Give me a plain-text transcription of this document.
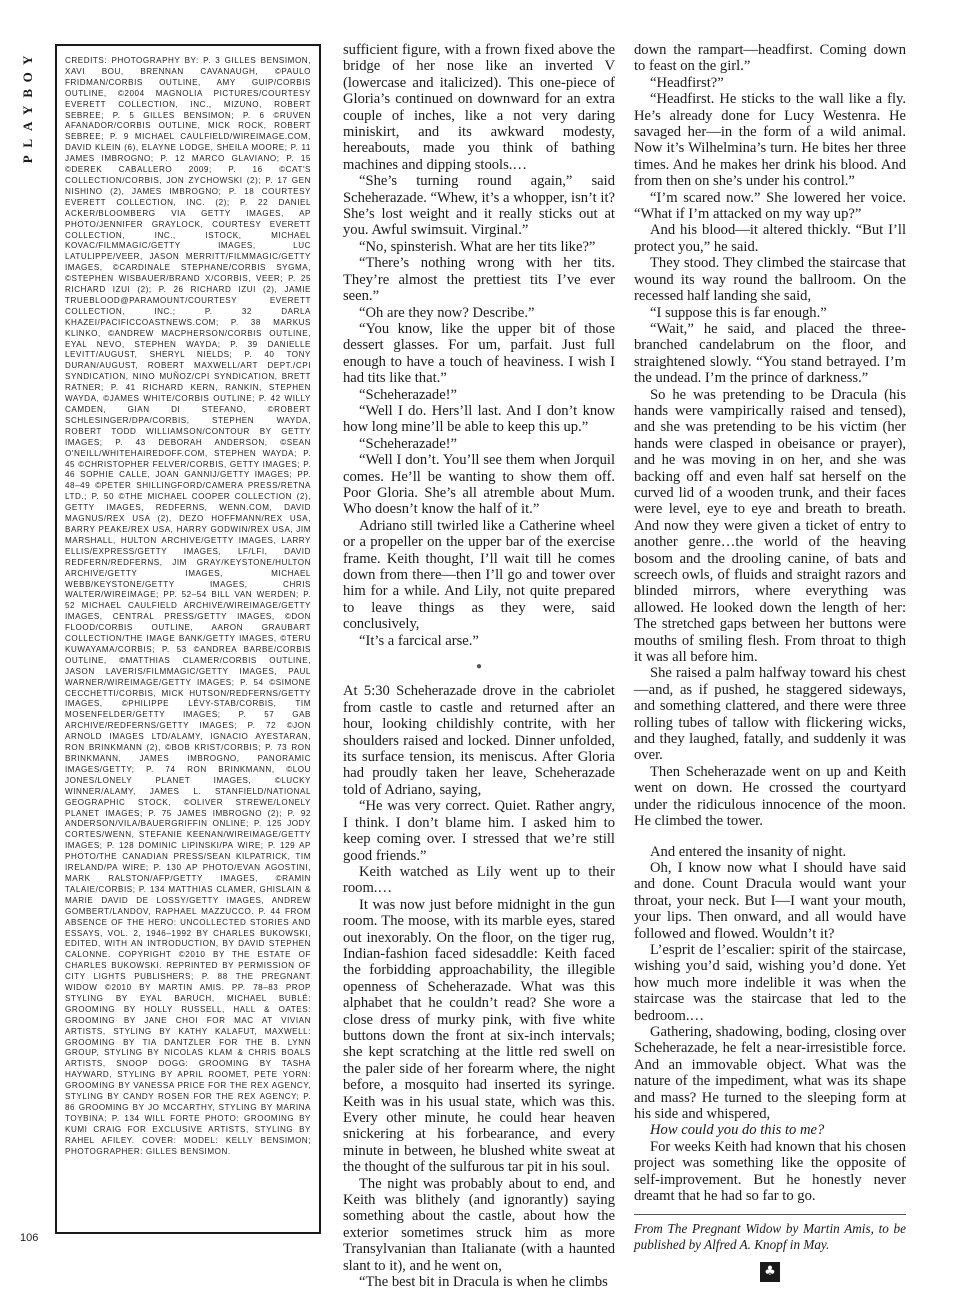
Y
O
B
Y
A
L
P

CREDITS: PHOTOGRAPHY BY: P. 3 GILLES BENSIMON, XAVI BOU, BRENNAN CAVANAUGH, ©PAULO FRIDMAN/CORBIS OUTLINE, AMY GUIP/CORBIS OUTLINE, ©2004 MAGNOLIA PICTURES/COURTESY EVERETT COLLECTION, INC., MIZUNO, ROBERT SEBREE; P. 5 GILLES BENSIMON; P. 6 ©RUVEN AFANADOR/CORBIS OUTLINE, MICK ROCK, ROBERT SEBREE; P. 9 MICHAEL CAULFIELD/WIREIMAGE.COM, DAVID KLEIN (6), ELAYNE LODGE, SHEILA MOORE; P. 11 JAMES IMBROGNO; P. 12 MARCO GLAVIANO; P. 15 ©DEREK CABALLERO 2009; P. 16 ©CAT'S COLLECTION/CORBIS, JON ZYCHOWSKI (2); P. 17 GEN NISHINO (2), JAMES IMBROGNO; P. 18 COURTESY EVERETT COLLECTION, INC. (2); P. 22 DANIEL ACKER/BLOOMBERG VIA GETTY IMAGES, AP PHOTO/JENNIFER GRAYLOCK, COURTESY EVERETT COLLECTION, INC., ISTOCK, MICHAEL KOVAC/FILMMAGIC/GETTY IMAGES, LUC LATULIPPE/VEER, JASON MERRITT/FILMMAGIC/GETTY IMAGES, ©CARDINALE STEPHANE/CORBIS SYGMA, ©STEPHEN WISBAUER/BRAND X/CORBIS, VEER; P. 25 RICHARD IZUI (2); P. 26 RICHARD IZUI (2), JAMIE TRUEBLOOD@PARAMOUNT/COURTESY EVERETT COLLECTION, INC.; P. 32 DARLA KHAZEI/PACIFICCOASTNEWS.COM; P. 38 MARKUS KLINKO, ©ANDREW MACPHERSON/CORBIS OUTLINE, EYAL NEVO, STEPHEN WAYDA; P. 39 DANIELLE LEVITT/AUGUST, SHERYL NIELDS; P. 40 TONY DURAN/AUGUST, ROBERT MAXWELL/ART DEPT./CPI SYNDICATION, NINO MUÑOZ/CPI SYNDICATION, BRETT RATNER; P. 41 RICHARD KERN, RANKIN, STEPHEN WAYDA, ©JAMES WHITE/CORBIS OUTLINE; P. 42 WILLY CAMDEN, GIAN DI STEFANO, ©ROBERT SCHLESINGER/DPA/CORBIS, STEPHEN WAYDA, ROBERT TODD WILLIAMSON/CONTOUR BY GETTY IMAGES; P. 43 DEBORAH ANDERSON, ©SEAN O'NEILL/WHITEHAIREDOFF.COM, STEPHEN WAYDA; P. 45 ©CHRISTOPHER FELVER/CORBIS, GETTY IMAGES; P. 46 SOPHIE CALLE, JOAN GANNIJ/GETTY IMAGES; PP. 48–49 ©PETER SHILLINGFORD/CAMERA PRESS/RETNA LTD.; P. 50 ©THE MICHAEL COOPER COLLECTION (2), GETTY IMAGES, REDFERNS, WENN.COM, DAVID MAGNUS/REX USA (2), DEZO HOFFMANN/REX USA, BARRY PEAKE/REX USA, HARRY GODWIN/REX USA, JIM MARSHALL, HULTON ARCHIVE/GETTY IMAGES, LARRY ELLIS/EXPRESS/GETTY IMAGES, LF/LFI, DAVID REDFERN/REDFERNS, JIM GRAY/KEYSTONE/HULTON ARCHIVE/GETTY IMAGES, MICHAEL WEBB/KEYSTONE/GETTY IMAGES, CHRIS WALTER/WIREIMAGE; PP. 52–54 BILL VAN WERDEN; P. 52 MICHAEL CAULFIELD ARCHIVE/WIREIMAGE/GETTY IMAGES, CENTRAL PRESS/GETTY IMAGES, ©DON FLOOD/CORBIS OUTLINE, AARON GRAUBART COLLECTION/THE IMAGE BANK/GETTY IMAGES, ©TERU KUWAYAMA/CORBIS; P. 53 ©ANDREA BARBE/CORBIS OUTLINE, ©MATTHIAS CLAMER/CORBIS OUTLINE, JASON LAVERIS/FILMMAGIC/GETTY IMAGES, PAUL WARNER/WIREIMAGE/GETTY IMAGES; P. 54 ©SIMONE CECCHETTI/CORBIS, MICK HUTSON/REDFERNS/GETTY IMAGES, ©PHILIPPE LÉVY-STAB/CORBIS, TIM MOSENFELDER/GETTY IMAGES; P. 57 GAB ARCHIVE/REDFERNS/GETTY IMAGES; P. 72 ©JON ARNOLD IMAGES LTD/ALAMY, IGNACIO AYESTARAN, RON BRINKMANN (2), ©BOB KRIST/CORBIS; P. 73 RON BRINKMANN, JAMES IMBROGNO, PANORAMIC IMAGES/GETTY; P. 74 RON BRINKMANN, ©LOU JONES/LONELY PLANET IMAGES, ©LUCKY WINNER/ALAMY, JAMES L. STANFIELD/NATIONAL GEOGRAPHIC STOCK, ©OLIVER STREWE/LONELY PLANET IMAGES; P. 75 JAMES IMBROGNO (2); P. 92 ANDERSON/VILA/BAUERGRIFFIN ONLINE; P. 125 JODY CORTES/WENN, STEFANIE KEENAN/WIREIMAGE/GETTY IMAGES; P. 128 DOMINIC LIPINSKI/PA WIRE; P. 129 AP PHOTO/THE CANADIAN PRESS/SEAN KILPATRICK, TIM IRELAND/PA WIRE; P. 130 AP PHOTO/EVAN AGOSTINI, MARK RALSTON/AFP/GETTY IMAGES, ©RAMIN TALAIE/CORBIS; P. 134 MATTHIAS CLAMER, GHISLAIN & MARIE DAVID DE LOSSY/GETTY IMAGES, ANDREW GOMBERT/LANDOV, RAPHAEL MAZZUCCO. P. 44 FROM ABSENCE OF THE HERO: UNCOLLECTED STORIES AND ESSAYS, VOL. 2, 1946–1992 BY CHARLES BUKOWSKI, EDITED, WITH AN INTRODUCTION, BY DAVID STEPHEN CALONNE. COPYRIGHT ©2010 BY THE ESTATE OF CHARLES BUKOWSKI. REPRINTED BY PERMISSION OF CITY LIGHTS PUBLISHERS; P. 88 THE PREGNANT WIDOW ©2010 BY MARTIN AMIS. PP. 78–83 PROP STYLING BY EYAL BARUCH, MICHAEL BUBLÉ: GROOMING BY HOLLY RUSSELL, HALL & OATES: GROOMING BY JANE CHOI FOR MAC AT VIVIAN ARTISTS, STYLING BY KATHY KALAFUT, MAXWELL: GROOMING BY TIA DANTZLER FOR THE B. LYNN GROUP, STYLING BY NICOLAS KLAM & CHRIS BOALS ARTISTS, SNOOP DOGG: GROOMING BY TASHA HAYWARD, STYLING BY APRIL ROOMET, PETE YORN: GROOMING BY VANESSA PRICE FOR THE REX AGENCY, STYLING BY CANDY ROSEN FOR THE REX AGENCY; P. 86 GROOMING BY JO MCCARTHY, STYLING BY MARINA TOYBINA; P. 134 WILL FORTE PHOTO: GROOMING BY KUMI CRAIG FOR EXCLUSIVE ARTISTS, STYLING BY RAHEL AFILEY. COVER: MODEL: KELLY BENSIMON; PHOTOGRAPHER: GILLES BENSIMON.

106

sufficient figure, with a frown fixed above the bridge of her nose like an inverted V (lowercase and italicized). This one-piece of Gloria’s continued on downward for an extra couple of inches, like a not very daring miniskirt, and its awkward modesty, hereabouts, made you think of bathing machines and dipping stools.…

“She’s turning round again,” said Scheherazade. “Whew, it’s a whopper, isn’t it? She’s lost weight and it really sticks out at you. Awful swimsuit. Virginal.”

“No, spinsterish. What are her tits like?”

“There’s nothing wrong with her tits. They’re almost the prettiest tits I’ve ever seen.”

“Oh are they now? Describe.”

“You know, like the upper bit of those dessert glasses. For um, parfait. Just full enough to have a touch of heaviness. I wish I had tits like that.”

“Scheherazade!”

“Well I do. Hers’ll last. And I don’t know how long mine’ll be able to keep this up.”

“Scheherazade!”

“Well I don’t. You’ll see them when Jorquil comes. He’ll be wanting to show them off. Poor Gloria. She’s all atremble about Mum. Who doesn’t know the half of it.”

Adriano still twirled like a Catherine wheel or a propeller on the upper bar of the exercise frame. Keith thought, I’ll wait till he comes down from there—then I’ll go and tower over him for a while. And Lily, not quite prepared to leave things as they were, said conclusively,

“It’s a farcical arse.”

●

At 5:30 Scheherazade drove in the cabriolet from castle to castle and returned after an hour, looking childishly contrite, with her shoulders raised and locked. Dinner unfolded, its surface tension, its meniscus. After Gloria had proudly taken her leave, Scheherazade told of Adriano, saying,

“He was very correct. Quiet. Rather angry, I think. I don’t blame him. I asked him to keep coming over. I stressed that we’re still good friends.”

Keith watched as Lily went up to their room.…

It was now just before midnight in the gun room. The moose, with its marble eyes, stared out inexorably. On the floor, on the tiger rug, Indian-fashion faced sidesaddle: Keith faced the forbidding approachability, the illegible openness of Scheherazade. What was this alphabet that he couldn’t read? She wore a close dress of murky pink, with five white buttons down the front at six-inch intervals; she kept scratching at the little red swell on the paler side of her forearm where, the night before, a mosquito had inserted its syringe. Keith was in his usual state, which was this. Every other minute, he could hear heaven snickering at his forbearance, and every minute in between, he blushed white sweat at the thought of the sulfurous tar pit in his soul.

The night was probably about to end, and Keith was blithely (and ignorantly) saying something about the castle, about how the exterior sometimes struck him as more Transylvanian than Italianate (with a haunted slant to it), and he went on,

“The best bit in Dracula is when he climbs

down the rampart—headfirst. Coming down to feast on the girl.”

“Headfirst?”

“Headfirst. He sticks to the wall like a fly. He’s already done for Lucy Westenra. He savaged her—in the form of a wild animal. Now it’s Wilhelmina’s turn. He bites her three times. And he makes her drink his blood. And from then on she’s under his control.”

“I’m scared now.” She lowered her voice. “What if I’m attacked on my way up?”

And his blood—it altered thickly. “But I’ll protect you,” he said.

They stood. They climbed the staircase that wound its way round the ballroom. On the recessed half landing she said,

“I suppose this is far enough.”

“Wait,” he said, and placed the three-branched candelabrum on the floor, and straightened slowly. “You stand betrayed. I’m the undead. I’m the prince of darkness.”

So he was pretending to be Dracula (his hands were vampirically raised and tensed), and she was pretending to be his victim (her hands were clasped in obeisance or prayer), and he was moving in on her, and she was backing off and even half sat herself on the curved lid of a wooden trunk, and their faces were level, eye to eye and breath to breath. And now they were given a ticket of entry to another genre…the world of the heaving bosom and the drooling canine, of bats and screech owls, of fluids and straight razors and blinded mirrors, where everything was allowed. He looked down the length of her: The stretched gaps between her buttons were mouths of smiling flesh. From throat to thigh it was all before him.

She raised a palm halfway toward his chest—and, as if pushed, he staggered sideways, and something clattered, and there were three rolling tubes of tallow with flickering wicks, and they laughed, fatally, and suddenly it was over.

Then Scheherazade went on up and Keith went on down. He crossed the courtyard under the ridiculous innocence of the moon. He climbed the tower.

And entered the insanity of night.

Oh, I know now what I should have said and done. Count Dracula would want your throat, your neck. But I—I want your mouth, your lips. Then onward, and all would have followed and flowed. Wouldn’t it?

L’esprit de l’escalier: spirit of the staircase, wishing you’d said, wishing you’d done. Yet how much more indelible it was when the staircase was the staircase that led to the bedroom.…

Gathering, shadowing, boding, closing over Scheherazade, he felt a near-irresistible force. And an immovable object. What was the nature of the impediment, what was its shape and mass? He turned to the sleeping form at his side and whispered,

How could you do this to me?

For weeks Keith had known that his chosen project was something like the opposite of self-improvement. But he honestly never dreamt that he had so far to go.

From The Pregnant Widow by Martin Amis, to be published by Alfred A. Knopf in May.

♣
